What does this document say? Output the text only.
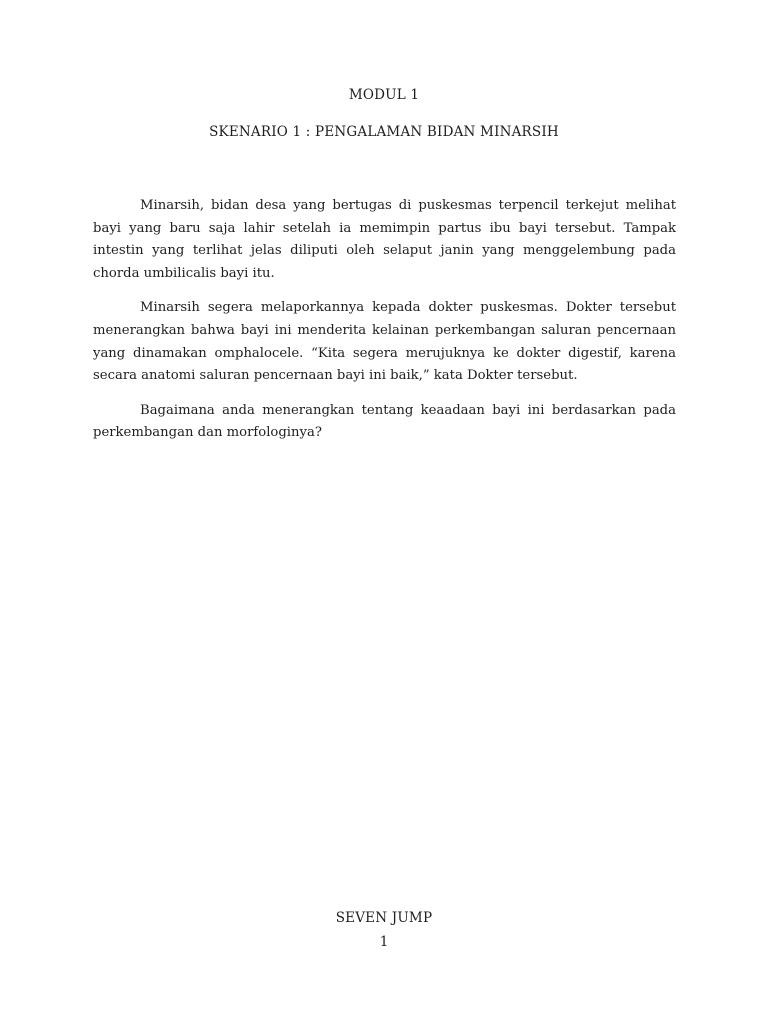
MODUL 1
SKENARIO 1 : PENGALAMAN BIDAN MINARSIH

Minarsih, bidan desa yang bertugas di puskesmas terpencil terkejut melihat bayi yang baru saja lahir setelah ia memimpin partus ibu bayi tersebut. Tampak intestin yang terlihat jelas diliputi oleh selaput janin yang menggelembung pada chorda umbilicalis bayi itu.

Minarsih segera melaporkannya kepada dokter puskesmas. Dokter tersebut menerangkan bahwa bayi ini menderita kelainan perkembangan saluran pencernaan yang dinamakan omphalocele. “Kita segera merujuknya ke dokter digestif, karena secara anatomi saluran pencernaan bayi ini baik,” kata Dokter tersebut.

Bagaimana anda menerangkan tentang keaadaan bayi ini berdasarkan pada perkembangan dan morfologinya?

SEVEN JUMP
1
